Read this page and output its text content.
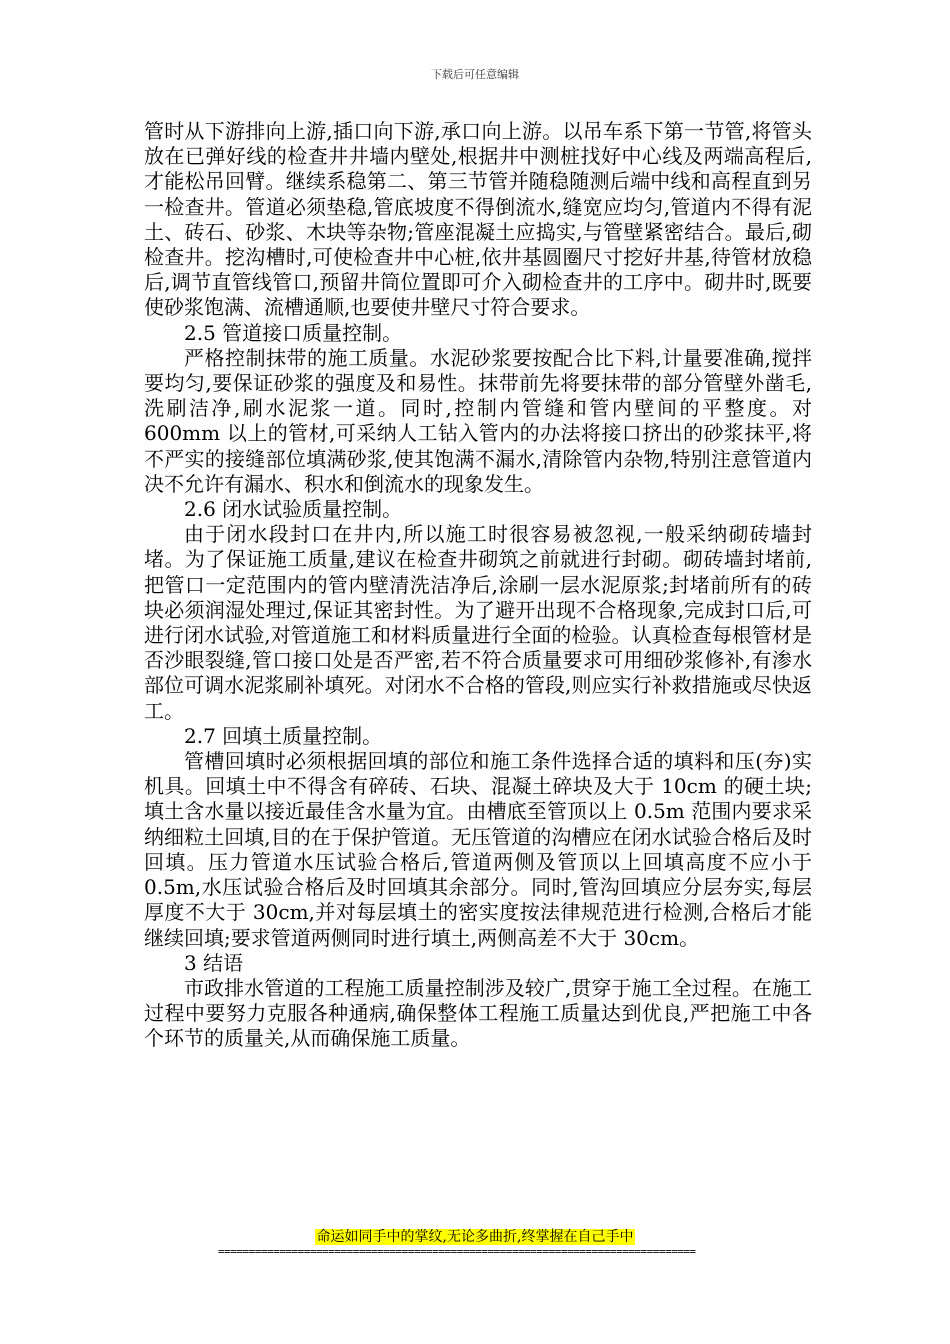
下载后可任意编辑

管时从下游排向上游,插口向下游,承口向上游。以吊车系下第一节管,将管头放在已弹好线的检查井井墙内壁处,根据井中测桩找好中心线及两端高程后,才能松吊回臂。继续系稳第二、第三节管并随稳随测后端中线和高程直到另一检查井。管道必须垫稳,管底坡度不得倒流水,缝宽应均匀,管道内不得有泥土、砖石、砂浆、木块等杂物;管座混凝土应捣实,与管壁紧密结合。最后,砌检查井。挖沟槽时,可使检查井中心桩,依井基圆圈尺寸挖好井基,待管材放稳后,调节直管线管口,预留井筒位置即可介入砌检查井的工序中。砌井时,既要使砂浆饱满、流槽通顺,也要使井壁尺寸符合要求。

2.5 管道接口质量控制。

严格控制抹带的施工质量。水泥砂浆要按配合比下料,计量要准确,搅拌要均匀,要保证砂浆的强度及和易性。抹带前先将要抹带的部分管壁外凿毛,洗刷洁净,刷水泥浆一道。同时,控制内管缝和管内壁间的平整度。对 600mm 以上的管材,可采纳人工钻入管内的办法将接口挤出的砂浆抹平,将不严实的接缝部位填满砂浆,使其饱满不漏水,清除管内杂物,特别注意管道内决不允许有漏水、积水和倒流水的现象发生。

2.6 闭水试验质量控制。

由于闭水段封口在井内,所以施工时很容易被忽视,一般采纳砌砖墙封堵。为了保证施工质量,建议在检查井砌筑之前就进行封砌。砌砖墙封堵前,把管口一定范围内的管内壁清洗洁净后,涂刷一层水泥原浆;封堵前所有的砖块必须润湿处理过,保证其密封性。为了避开出现不合格现象,完成封口后,可进行闭水试验,对管道施工和材料质量进行全面的检验。认真检查每根管材是否沙眼裂缝,管口接口处是否严密,若不符合质量要求可用细砂浆修补,有渗水部位可调水泥浆刷补填死。对闭水不合格的管段,则应实行补救措施或尽快返工。

2.7 回填土质量控制。

管槽回填时必须根据回填的部位和施工条件选择合适的填料和压(夯)实机具。回填土中不得含有碎砖、石块、混凝土碎块及大于 10cm 的硬土块;填土含水量以接近最佳含水量为宜。由槽底至管顶以上 0.5m 范围内要求采纳细粒土回填,目的在于保护管道。无压管道的沟槽应在闭水试验合格后及时回填。压力管道水压试验合格后,管道两侧及管顶以上回填高度不应小于 0.5m,水压试验合格后及时回填其余部分。同时,管沟回填应分层夯实,每层厚度不大于 30cm,并对每层填土的密实度按法律规范进行检测,合格后才能继续回填;要求管道两侧同时进行填土,两侧高差不大于 30cm。

3 结语

市政排水管道的工程施工质量控制涉及较广,贯穿于施工全过程。在施工过程中要努力克服各种通病,确保整体工程施工质量达到优良,严把施工中各个环节的质量关,从而确保施工质量。

命运如同手中的掌纹,无论多曲折,终掌握在自己手中
==============================================================================
